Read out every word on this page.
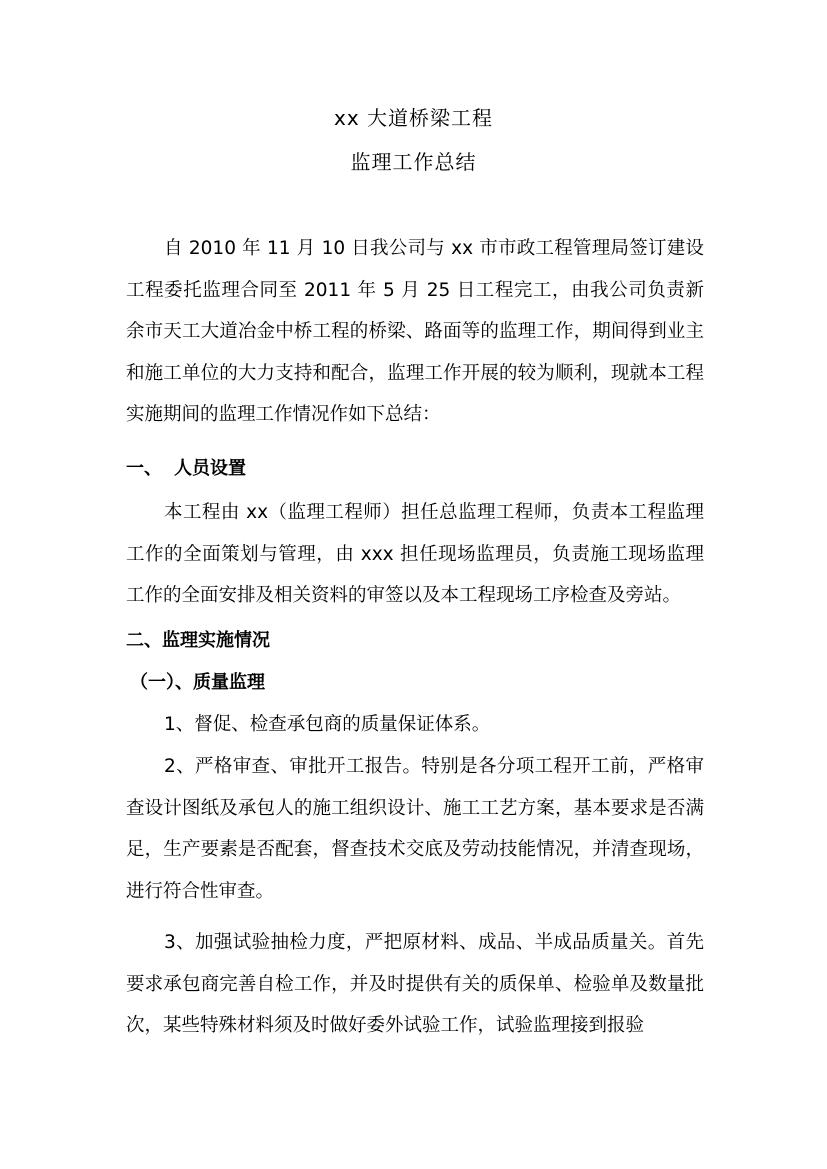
xx 大道桥梁工程
监理工作总结
自 2010 年 11 月 10 日我公司与 xx 市市政工程管理局签订建设工程委托监理合同至 2011 年 5 月 25 日工程完工，由我公司负责新余市天工大道冶金中桥工程的桥梁、路面等的监理工作，期间得到业主和施工单位的大力支持和配合，监理工作开展的较为顺利，现就本工程实施期间的监理工作情况作如下总结：
一、 人员设置
本工程由 xx（监理工程师）担任总监理工程师，负责本工程监理工作的全面策划与管理，由 xxx 担任现场监理员，负责施工现场监理工作的全面安排及相关资料的审签以及本工程现场工序检查及旁站。
二、监理实施情况
（一）、质量监理
1、督促、检查承包商的质量保证体系。
2、严格审查、审批开工报告。特别是各分项工程开工前，严格审查设计图纸及承包人的施工组织设计、施工工艺方案，基本要求是否满足，生产要素是否配套，督查技术交底及劳动技能情况，并清查现场，进行符合性审查。
3、加强试验抽检力度，严把原材料、成品、半成品质量关。首先要求承包商完善自检工作，并及时提供有关的质保单、检验单及数量批次，某些特殊材料须及时做好委外试验工作，试验监理接到报验
